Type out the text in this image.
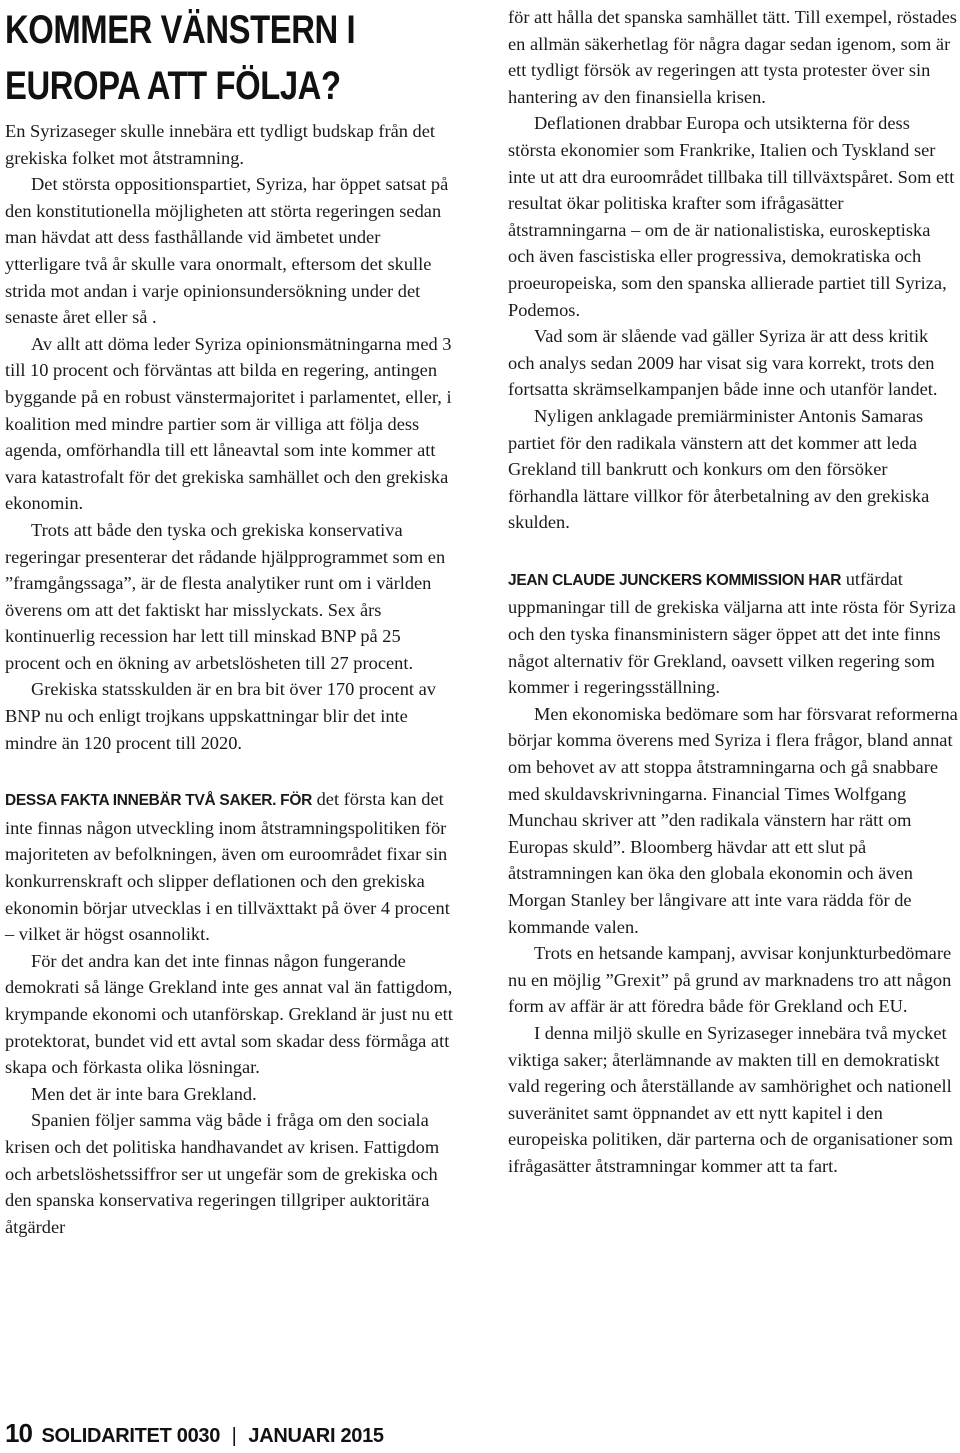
KOMMER VÄNSTERN I
EUROPA ATT FÖLJA?

En Syrizaseger skulle innebära ett tydligt budskap från det grekiska folket mot åtstramning.

Det största oppositionspartiet, Syriza, har öppet satsat på den konstitutionella möjligheten att störta regeringen sedan man hävdat att dess fasthållande vid ämbetet under ytterligare två år skulle vara onormalt, eftersom det skulle strida mot andan i varje opinionsundersökning under det senaste året eller så .

Av allt att döma leder Syriza opinionsmätningarna med 3 till 10 procent och förväntas att bilda en regering, antingen byggande på en robust vänstermajoritet i parlamentet, eller, i koalition med mindre partier som är villiga att följa dess agenda, omförhandla till ett låneavtal som inte kommer att vara katastrofalt för det grekiska samhället och den grekiska ekonomin.

Trots att både den tyska och grekiska konservativa regeringar presenterar det rådande hjälpprogrammet som en ”framgångssaga”, är de flesta analytiker runt om i världen överens om att det faktiskt har misslyckats. Sex års kontinuerlig recession har lett till minskad BNP på 25 procent och en ökning av arbetslösheten till 27 procent.

Grekiska statsskulden är en bra bit över 170 procent av BNP nu och enligt trojkans uppskattningar blir det inte mindre än 120 procent till 2020.

DESSA FAKTA INNEBÄR TVÅ SAKER. FÖR det första kan det inte finnas någon utveckling inom åtstramningspolitiken för majoriteten av befolkningen, även om euroområdet fixar sin konkurrenskraft och slipper deflationen och den grekiska ekonomin börjar utvecklas i en tillväxttakt på över 4 procent – vilket är högst osannolikt.

För det andra kan det inte finnas någon fungerande demokrati så länge Grekland inte ges annat val än fattigdom, krympande ekonomi och utanförskap. Grekland är just nu ett protektorat, bundet vid ett avtal som skadar dess förmåga att skapa och förkasta olika lösningar.

Men det är inte bara Grekland.

Spanien följer samma väg både i fråga om den sociala krisen och det politiska handhavandet av krisen. Fattigdom och arbetslöshetssiffror ser ut ungefär som de grekiska och den spanska konservativa regeringen tillgriper auktoritära åtgärder

för att hålla det spanska samhället tätt. Till exempel, röstades en allmän säkerhetlag för några dagar sedan igenom, som är ett tydligt försök av regeringen att tysta protester över sin hantering av den finansiella krisen.

Deflationen drabbar Europa och utsikterna för dess största ekonomier som Frankrike, Italien och Tyskland ser inte ut att dra euroområdet tillbaka till tillväxtspåret. Som ett resultat ökar politiska krafter som ifrågasätter åtstramningarna – om de är nationalistiska, euroskeptiska och även fascistiska eller progressiva, demokratiska och proeuropeiska, som den spanska allierade partiet till Syriza, Podemos.

Vad som är slående vad gäller Syriza är att dess kritik och analys sedan 2009 har visat sig vara korrekt, trots den fortsatta skrämselkampanjen både inne och utanför landet.

Nyligen anklagade premiärminister Antonis Samaras partiet för den radikala vänstern att det kommer att leda Grekland till bankrutt och konkurs om den försöker förhandla lättare villkor för återbetalning av den grekiska skulden.

JEAN CLAUDE JUNCKERS KOMMISSION HAR utfärdat uppmaningar till de grekiska väljarna att inte rösta för Syriza och den tyska finansministern säger öppet att det inte finns något alternativ för Grekland, oavsett vilken regering som kommer i regeringsställning.

Men ekonomiska bedömare som har försvarat reformerna börjar komma överens med Syriza i flera frågor, bland annat om behovet av att stoppa åtstramningarna och gå snabbare med skuldavskrivningarna. Financial Times Wolfgang Munchau skriver att ”den radikala vänstern har rätt om Europas skuld”. Bloomberg hävdar att ett slut på åtstramningen kan öka den globala ekonomin och även Morgan Stanley ber långivare att inte vara rädda för de kommande valen.

Trots en hetsande kampanj, avvisar konjunkturbedömare nu en möjlig ”Grexit” på grund av marknadens tro att någon form av affär är att föredra både för Grekland och EU.

I denna miljö skulle en Syrizaseger innebära två mycket viktiga saker; återlämnande av makten till en demokratiskt vald regering och återställande av samhörighet och nationell suveränitet samt öppnandet av ett nytt kapitel i den europeiska politiken, där parterna och de organisationer som ifrågasätter åtstramningar kommer att ta fart.

10 SOLIDARITET 0030 | JANUARI 2015
